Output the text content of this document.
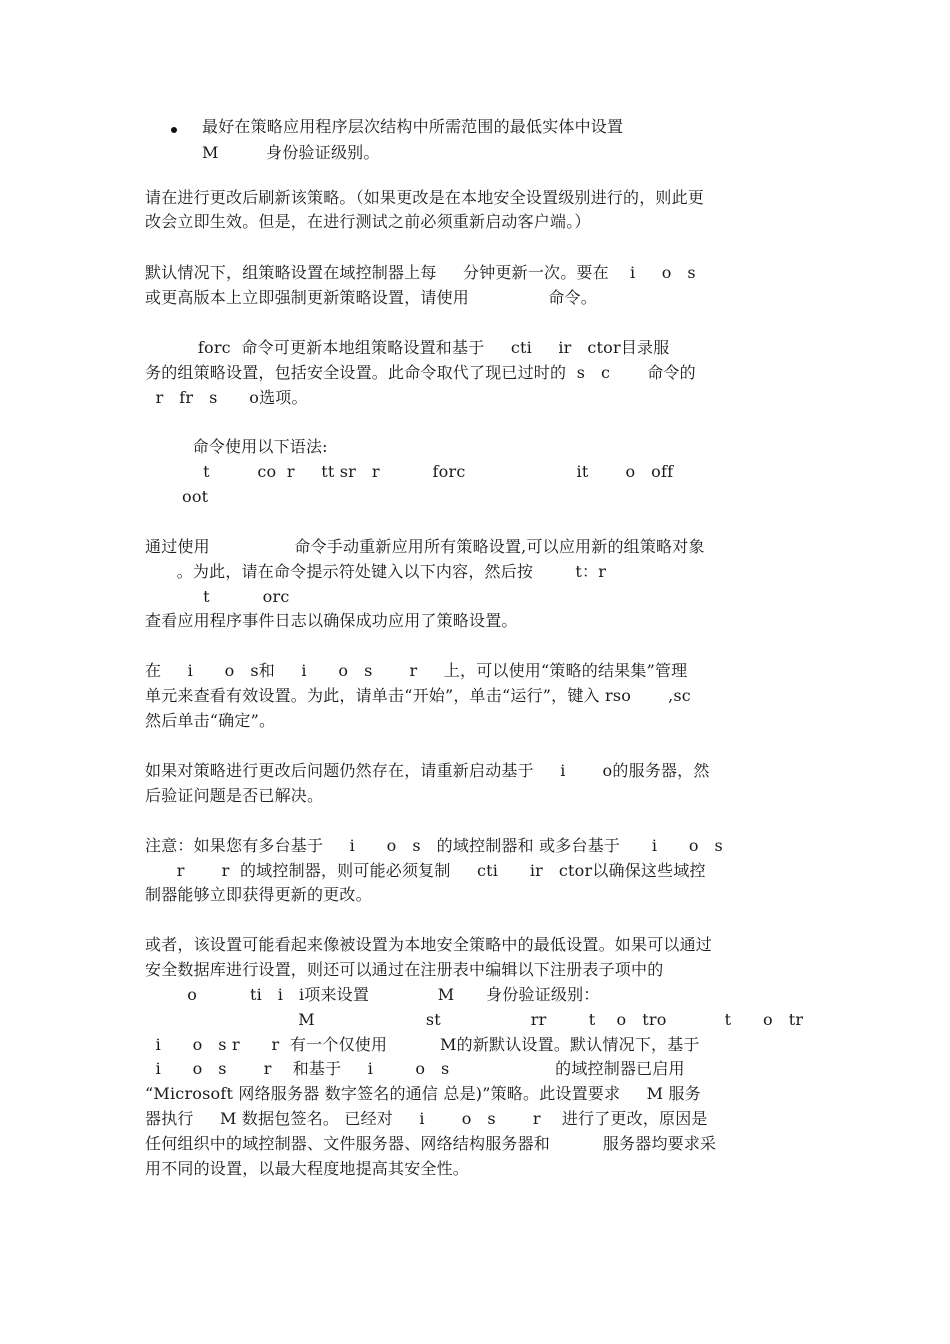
最好在策略应用程序层次结构中所需范围的最低实体中设置
M         身份验证级别。
请在进行更改后刷新该策略。（如果更改是在本地安全设置级别进行的，则此更
改会立即生效。但是，在进行测试之前必须重新启动客户端。）
默认情况下，组策略设置在域控制器上每     分钟更新一次。要在    i     o   s
或更高版本上立即强制更新策略设置，请使用               命令。
forc  命令可更新本地组策略设置和基于     cti     ir   ctor目录服
务的组策略设置，包括安全设置。此命令取代了现已过时的  s   c       命令的
r   fr   s      o选项。
命令使用以下语法:
t         co  r     tt sr   r          forc                     it       o   off
oot
通过使用                命令手动重新应用所有策略设置,可以应用新的组策略对象
。为此，请在命令提示符处键入以下内容，然后按        t：r
t          orc
查看应用程序事件日志以确保成功应用了策略设置。
在     i      o   s和     i      o   s       r     上，可以使用“策略的结果集”管理
单元来查看有效设置。为此，请单击“开始”，单击“运行”，键入 rso       ,sc
然后单击“确定”。
如果对策略进行更改后问题仍然存在，请重新启动基于     i       o的服务器，然
后验证问题是否已解决。
注意：如果您有多台基于     i      o   s   的域控制器和 或多台基于      i      o   s
r       r  的域控制器，则可能必须复制     cti      ir   ctor以确保这些域控
制器能够立即获得更新的更改。
或者，该设置可能看起来像被设置为本地安全策略中的最低设置。如果可以通过
安全数据库进行设置，则还可以通过在注册表中编辑以下注册表子项中的
o          ti   i   i项来设置             M      身份验证级别：
M                     st                 rr        t    o   tro           t      o   tr
i      o   s r      r  有一个仅使用          M的新默认设置。默认情况下，基于
i      o   s       r    和基于     i        o   s                    的域控制器已启用
“Microsoft 网络服务器 数字签名的通信 总是)”策略。此设置要求     M 服务
器执行     M 数据包签名。 已经对     i       o   s       r    进行了更改，原因是
任何组织中的域控制器、文件服务器、网络结构服务器和          服务器均要求采
用不同的设置，以最大程度地提高其安全性。
